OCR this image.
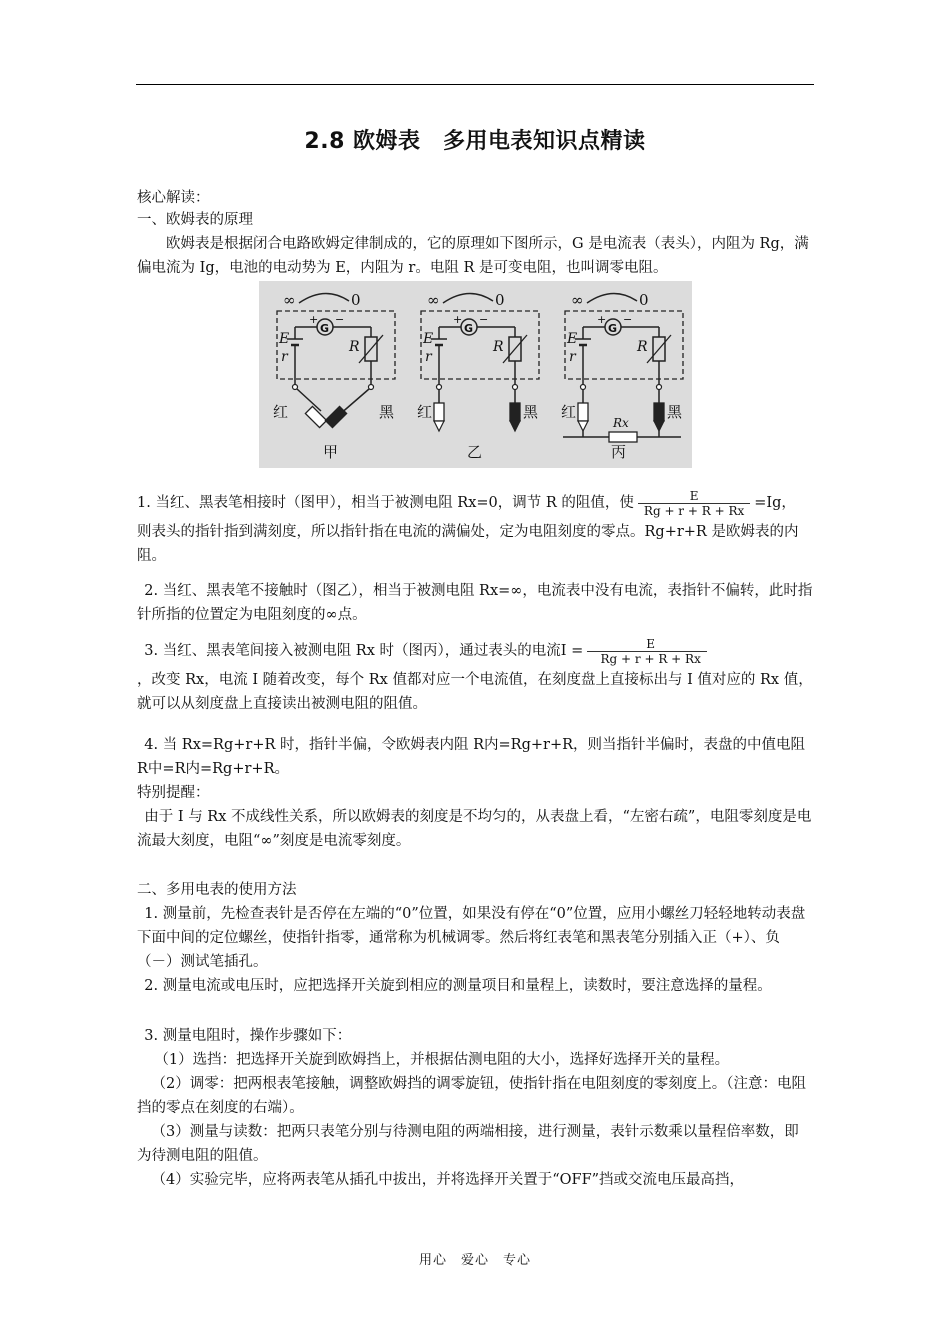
2.8 欧姆表　多用电表知识点精读

核心解读：

一、欧姆表的原理

欧姆表是根据闭合电路欧姆定律制成的，它的原理如下图所示，G 是电流表（表头），内阻为 Rg，满偏电流为 Ig，电池的电动势为 E，内阻为 r。电阻 R 是可变电阻，也叫调零电阻。

∞	0
G
+ −
E
r
R
红	黑
甲
∞	0
G
+ −
E
r
R
红	黑
乙
∞	0
G
+ −
E
r
R
红	黑
Rx
丙
1. 当红、黑表笔相接时（图甲），相当于被测电阻 Rx=0，调节 R 的阻值，使 $\frac{E}{Rg + r + R + Rx} =Ig$，
则表头的指针指到满刻度，所以指针指在电流的满偏处，定为电阻刻度的零点。Rg+r+R 是欧姆表的内阻。

2. 当红、黑表笔不接触时（图乙），相当于被测电阻 Rx=∞，电流表中没有电流，表指针不偏转，此时指针所指的位置定为电阻刻度的∞点。

3. 当红、黑表笔间接入被测电阻 Rx 时（图丙），通过表头的电流$I = \frac{E}{Rg + r + R + Rx}$

，改变 Rx，电流 I 随着改变，每个 Rx 值都对应一个电流值，在刻度盘上直接标出与 I 值对应的 Rx 值，就可以从刻度盘上直接读出被测电阻的阻值。

4. 当 Rx=Rg+r+R 时，指针半偏，令欧姆表内阻 R内=Rg+r+R，则当指针半偏时，表盘的中值电阻 R中=R内=Rg+r+R。

特别提醒：

由于 I 与 Rx 不成线性关系，所以欧姆表的刻度是不均匀的，从表盘上看，“左密右疏”，电阻零刻度是电流最大刻度，电阻“∞”刻度是电流零刻度。

二、多用电表的使用方法

1. 测量前，先检查表针是否停在左端的“0”位置，如果没有停在“0”位置，应用小螺丝刀轻轻地转动表盘下面中间的定位螺丝，使指针指零，通常称为机械调零。然后将红表笔和黑表笔分别插入正（+）、负（－）测试笔插孔。

2. 测量电流或电压时，应把选择开关旋到相应的测量项目和量程上，读数时，要注意选择的量程。

3. 测量电阻时，操作步骤如下：

（1）选挡：把选择开关旋到欧姆挡上，并根据估测电阻的大小，选择好选择开关的量程。

（2）调零：把两根表笔接触，调整欧姆挡的调零旋钮，使指针指在电阻刻度的零刻度上。（注意：电阻挡的零点在刻度的右端）。

（3）测量与读数：把两只表笔分别与待测电阻的两端相接，进行测量，表针示数乘以量程倍率数，即为待测电阻的阻值。

（4）实验完毕，应将两表笔从插孔中拔出，并将选择开关置于“OFF”挡或交流电压最高挡，

用心　爱心　专心
